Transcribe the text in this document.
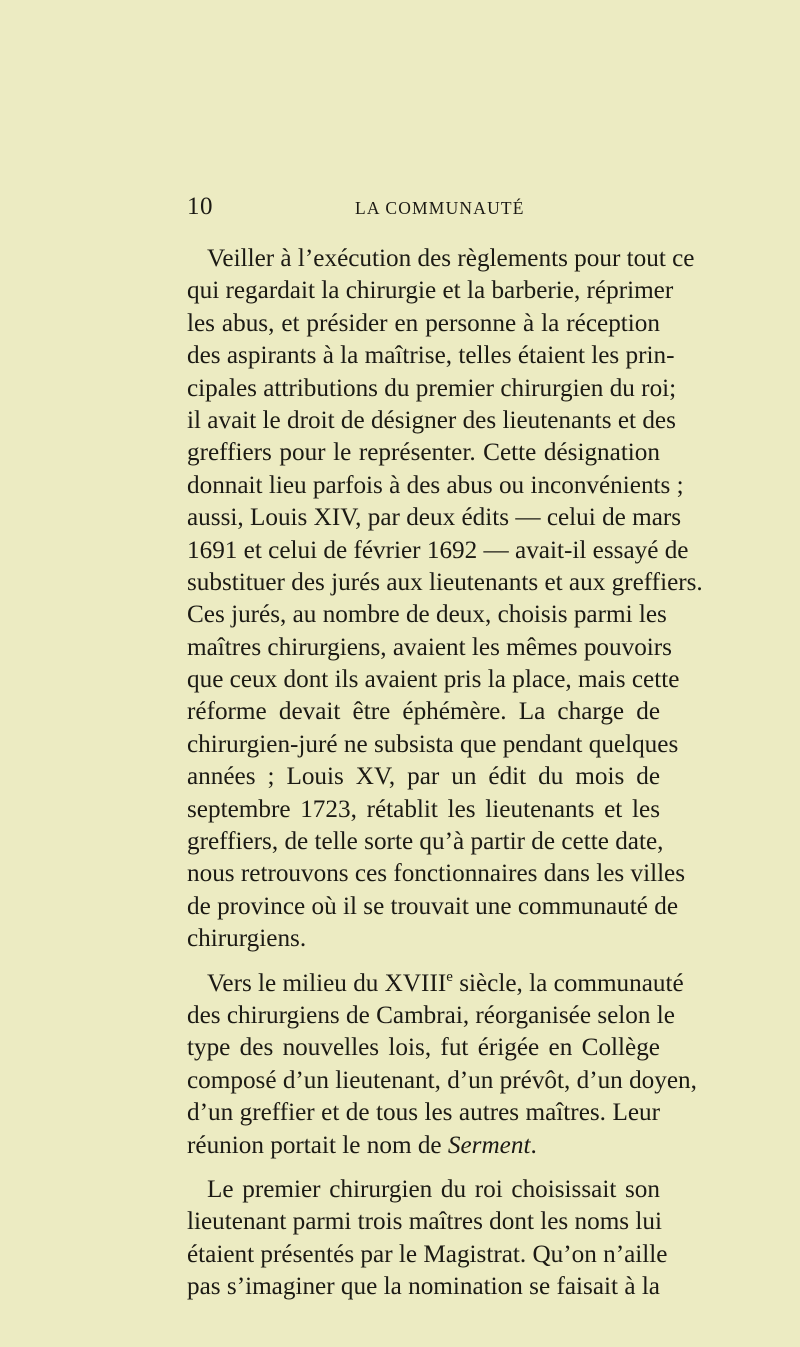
10	LA COMMUNAUTÉ
Veiller à l’exécution des règlements pour tout ce
qui regardait la chirurgie et la barberie, réprimer
les abus, et présider en personne à la réception
des aspirants à la maîtrise, telles étaient les prin-
cipales attributions du premier chirurgien du roi;
il avait le droit de désigner des lieutenants et des
greffiers pour le représenter. Cette désignation
donnait lieu parfois à des abus ou inconvénients ;
aussi, Louis XIV, par deux édits — celui de mars
1691 et celui de février 1692 — avait-il essayé de
substituer des jurés aux lieutenants et aux greffiers.
Ces jurés, au nombre de deux, choisis parmi les
maîtres chirurgiens, avaient les mêmes pouvoirs
que ceux dont ils avaient pris la place, mais cette
réforme devait être éphémère. La charge de
chirurgien-juré ne subsista que pendant quelques
années ; Louis XV, par un édit du mois de
septembre 1723, rétablit les lieutenants et les
greffiers, de telle sorte qu’à partir de cette date,
nous retrouvons ces fonctionnaires dans les villes
de province où il se trouvait une communauté de
chirurgiens.
Vers le milieu du XVIIIe siècle, la communauté
des chirurgiens de Cambrai, réorganisée selon le
type des nouvelles lois, fut érigée en Collège
composé d’un lieutenant, d’un prévôt, d’un doyen,
d’un greffier et de tous les autres maîtres. Leur
réunion portait le nom de Serment.
Le premier chirurgien du roi choisissait son
lieutenant parmi trois maîtres dont les noms lui
étaient présentés par le Magistrat. Qu’on n’aille
pas s’imaginer que la nomination se faisait à la
